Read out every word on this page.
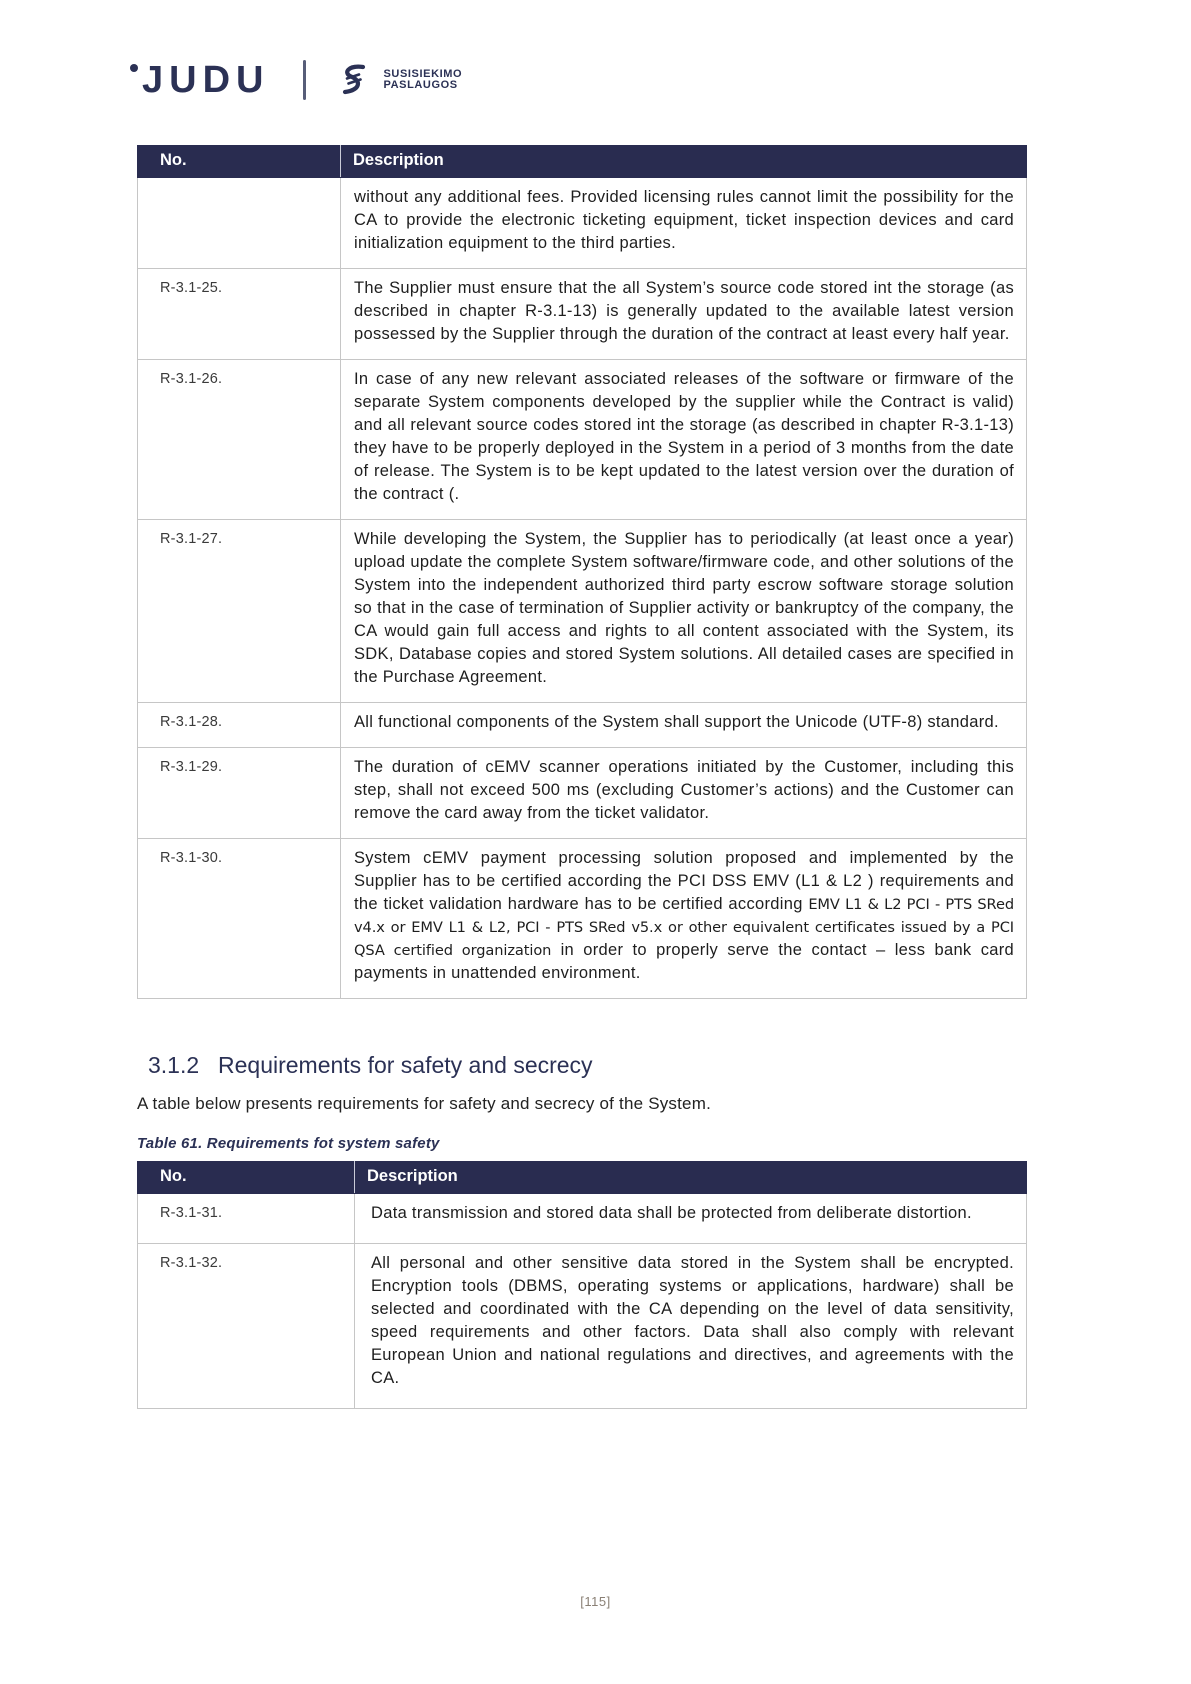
JUDU	SUSISIEKIMO
PASLAUGOS
No.	Description
	without any additional fees. Provided licensing rules cannot limit the possibility for the CA to provide the electronic ticketing equipment, ticket inspection devices and card initialization equipment to the third parties.
R-3.1-25.	The Supplier must ensure that the all System’s source code stored int the storage (as described in chapter R-3.1-13) is generally updated to the available latest version possessed by the Supplier through the duration of the contract at least every half year.
R-3.1-26.	In case of any new relevant associated releases of the software or firmware of the separate System components developed by the supplier while the Contract is valid) and all relevant source codes stored int the storage (as described in chapter R-3.1-13) they have to be properly deployed in the System in a period of 3 months from the date of release. The System is to be kept updated to the latest version over the duration of the contract (.
R-3.1-27.	While developing the System, the Supplier has to periodically (at least once a year) upload update the complete System software/firmware code, and other solutions of the System into the independent authorized third party escrow software storage solution so that in the case of termination of Supplier activity or bankruptcy of the company, the CA would gain full access and rights to all content associated with the System, its SDK, Database copies and stored System solutions. All detailed cases are specified in the Purchase Agreement.
R-3.1-28.	All functional components of the System shall support the Unicode (UTF-8) standard.
R-3.1-29.	The duration of cEMV scanner operations initiated by the Customer, including this step, shall not exceed 500 ms (excluding Customer’s actions) and the Customer can remove the card away from the ticket validator.
R-3.1-30.	System cEMV payment processing solution proposed and implemented by the Supplier has to be certified according the PCI DSS EMV (L1 & L2 ) requirements and the ticket validation hardware has to be certified according EMV L1 & L2 PCI - PTS SRed v4.x or EMV L1 & L2, PCI - PTS SRed v5.x or other equivalent certificates issued by a PCI QSA certified organization in order to properly serve the contact – less bank card payments in unattended environment.
3.1.2 Requirements for safety and secrecy

A table below presents requirements for safety and secrecy of the System.

Table 61. Requirements fot system safety

No.	Description
R-3.1-31.	Data transmission and stored data shall be protected from deliberate distortion.
R-3.1-32.	All personal and other sensitive data stored in the System shall be encrypted. Encryption tools (DBMS, operating systems or applications, hardware) shall be selected and coordinated with the CA depending on the level of data sensitivity, speed requirements and other factors. Data shall also comply with relevant European Union and national regulations and directives, and agreements with the CA.
[115]
